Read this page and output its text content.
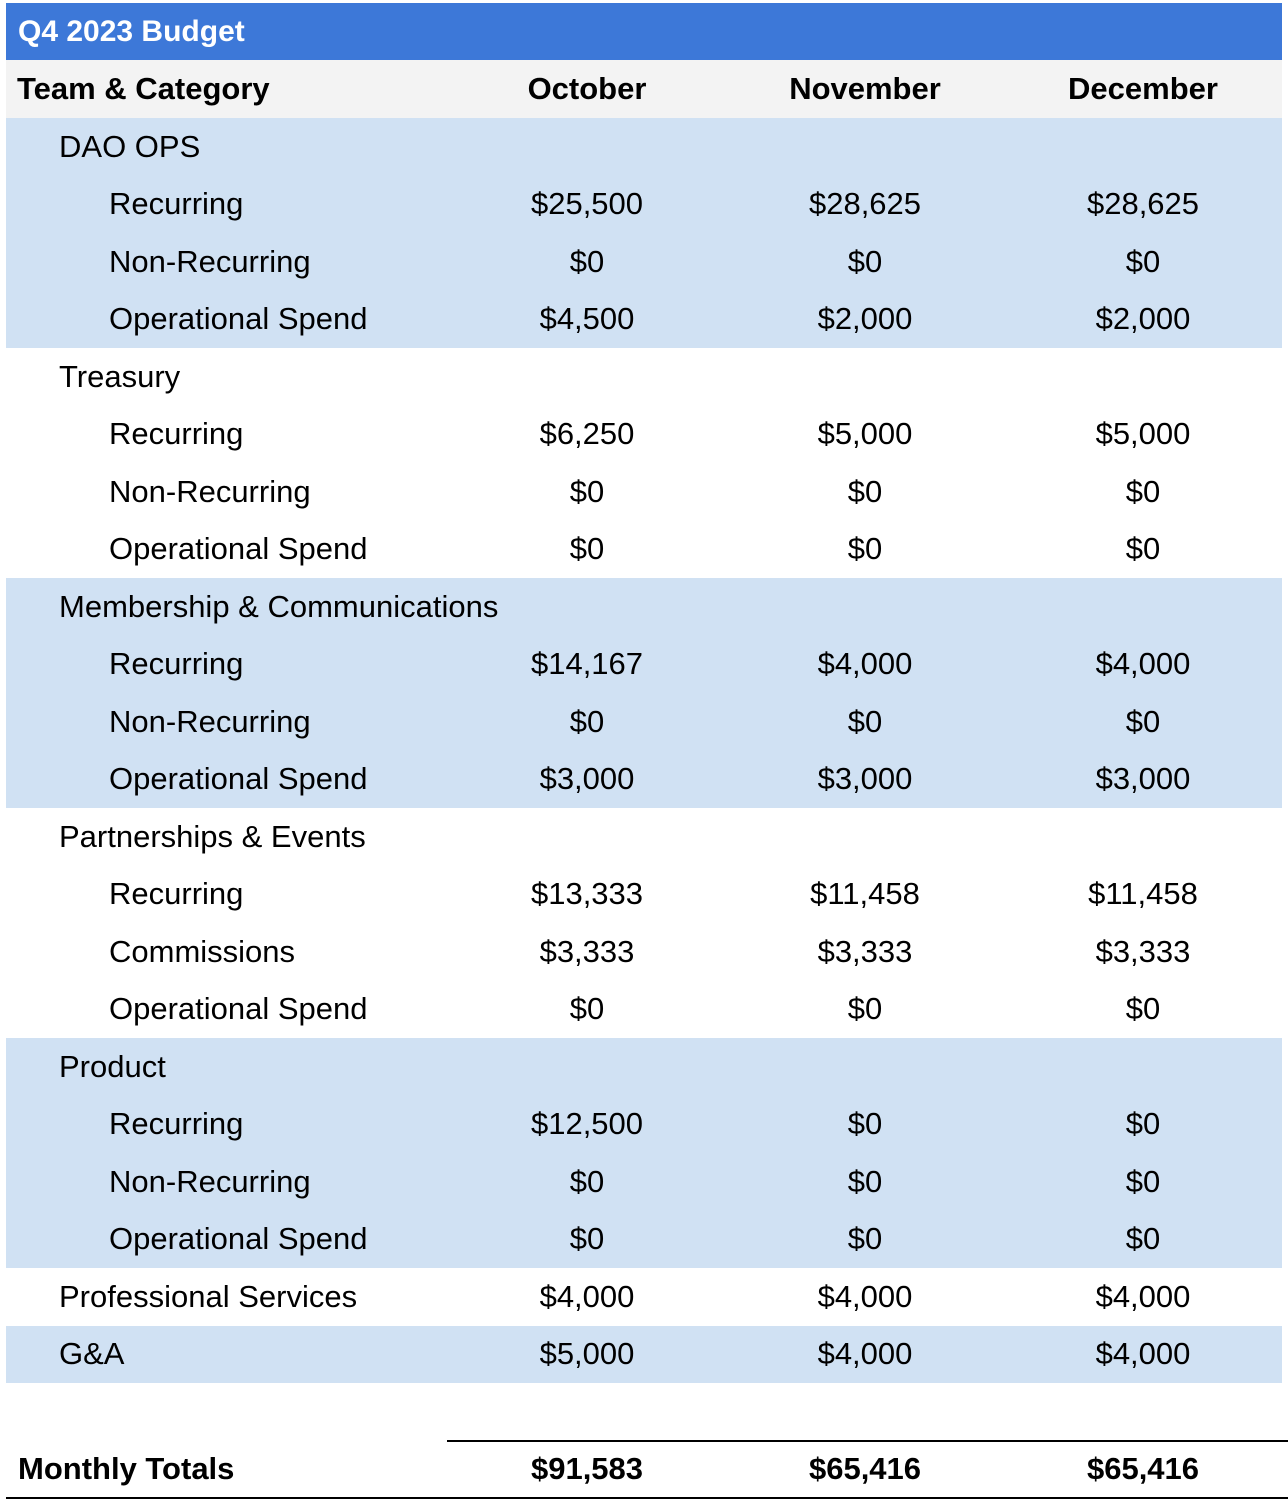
Q4 2023 Budget
Team & Category	October	November	December
DAO OPS
Recurring	$25,500	$28,625	$28,625
Non-Recurring	$0	$0	$0
Operational Spend	$4,500	$2,000	$2,000
Treasury
Recurring	$6,250	$5,000	$5,000
Non-Recurring	$0	$0	$0
Operational Spend	$0	$0	$0
Membership & Communications
Recurring	$14,167	$4,000	$4,000
Non-Recurring	$0	$0	$0
Operational Spend	$3,000	$3,000	$3,000
Partnerships & Events
Recurring	$13,333	$11,458	$11,458
Commissions	$3,333	$3,333	$3,333
Operational Spend	$0	$0	$0
Product
Recurring	$12,500	$0	$0
Non-Recurring	$0	$0	$0
Operational Spend	$0	$0	$0
Professional Services	$4,000	$4,000	$4,000
G&A	$5,000	$4,000	$4,000
Monthly Totals	$91,583	$65,416	$65,416
